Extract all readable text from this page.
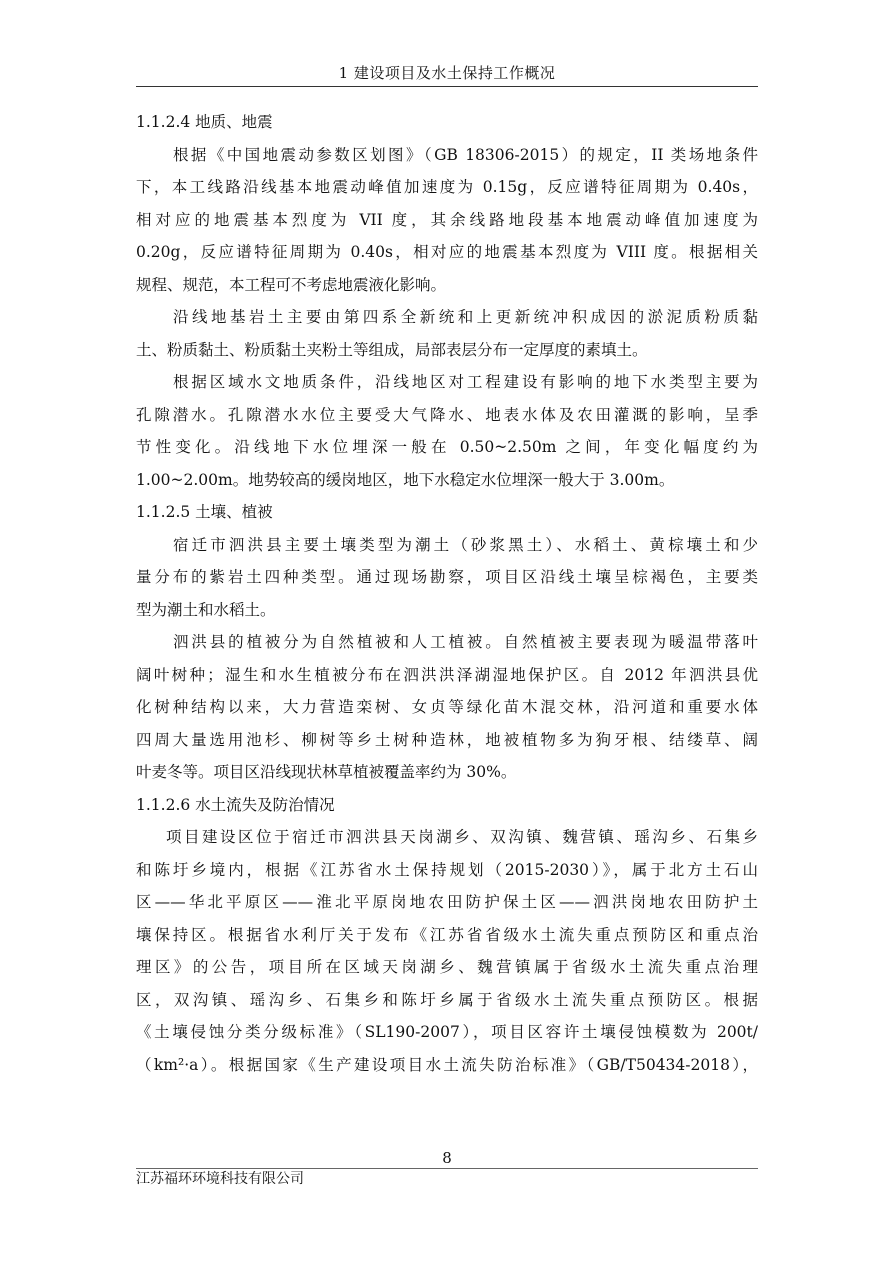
1 建设项目及水土保持工作概况
1.1.2.4 地质、地震
根据《中国地震动参数区划图》（GB 18306-2015）的规定，II 类场地条件
下，本工线路沿线基本地震动峰值加速度为 0.15g，反应谱特征周期为 0.40s，
相对应的地震基本烈度为 VII 度，其余线路地段基本地震动峰值加速度为
0.20g，反应谱特征周期为 0.40s，相对应的地震基本烈度为 VIII 度。根据相关
规程、规范，本工程可不考虑地震液化影响。
沿线地基岩土主要由第四系全新统和上更新统冲积成因的淤泥质粉质黏
土、粉质黏土、粉质黏土夹粉土等组成，局部表层分布一定厚度的素填土。
根据区域水文地质条件，沿线地区对工程建设有影响的地下水类型主要为
孔隙潜水。孔隙潜水水位主要受大气降水、地表水体及农田灌溉的影响，呈季
节性变化。沿线地下水位埋深一般在 0.50~2.50m 之间，年变化幅度约为
1.00~2.00m。地势较高的缓岗地区，地下水稳定水位埋深一般大于 3.00m。
1.1.2.5 土壤、植被
宿迁市泗洪县主要土壤类型为潮土（砂浆黑土）、水稻土、黄棕壤土和少
量分布的紫岩土四种类型。通过现场勘察，项目区沿线土壤呈棕褐色，主要类
型为潮土和水稻土。
泗洪县的植被分为自然植被和人工植被。自然植被主要表现为暖温带落叶
阔叶树种；湿生和水生植被分布在泗洪洪泽湖湿地保护区。自 2012 年泗洪县优
化树种结构以来，大力营造栾树、女贞等绿化苗木混交林，沿河道和重要水体
四周大量选用池杉、柳树等乡土树种造林，地被植物多为狗牙根、结缕草、阔
叶麦冬等。项目区沿线现状林草植被覆盖率约为 30%。
1.1.2.6 水土流失及防治情况
项目建设区位于宿迁市泗洪县天岗湖乡、双沟镇、魏营镇、瑶沟乡、石集乡
和陈圩乡境内，根据《江苏省水土保持规划（2015-2030）》，属于北方土石山
区——华北平原区——淮北平原岗地农田防护保土区——泗洪岗地农田防护土
壤保持区。根据省水利厅关于发布《江苏省省级水土流失重点预防区和重点治
理区》的公告，项目所在区域天岗湖乡、魏营镇属于省级水土流失重点治理
区，双沟镇、瑶沟乡、石集乡和陈圩乡属于省级水土流失重点预防区。根据
《土壤侵蚀分类分级标准》（SL190-2007），项目区容许土壤侵蚀模数为 200t/
（km²·a）。根据国家《生产建设项目水土流失防治标准》（GB/T50434-2018），
8
江苏福环环境科技有限公司
